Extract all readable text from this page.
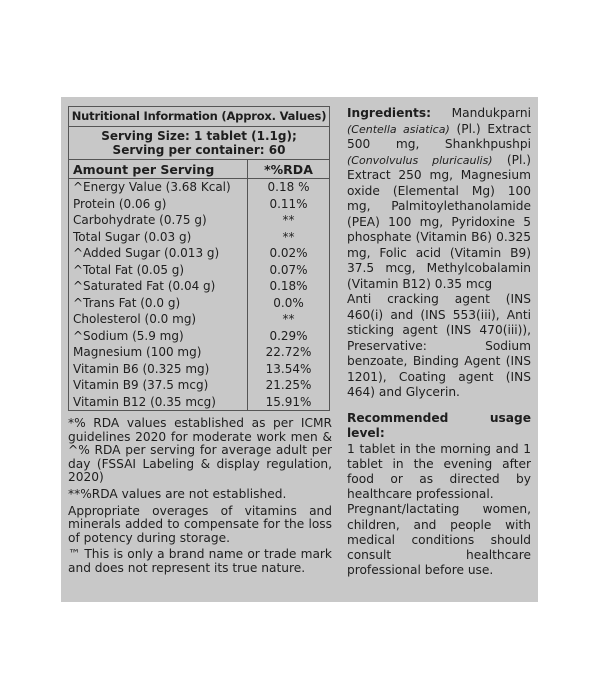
Nutritional Information (Approx. Values)	

Serving Size: 1 tablet (1.1g);
Serving per container: 60	

Amount per Serving	*%RDA
^Energy Value (3.68 Kcal)	0.18 %
Protein (0.06 g)	0.11%
Carbohydrate (0.75 g)	**
Total Sugar (0.03 g)	**
^Added Sugar (0.013 g)	0.02%
^Total Fat (0.05 g)	0.07%
^Saturated Fat (0.04 g)	0.18%
^Trans Fat (0.0 g)	0.0%
Cholesterol (0.0 mg)	**
^Sodium (5.9 mg)	0.29%
Magnesium (100 mg)	22.72%
Vitamin B6 (0.325 mg)	13.54%
Vitamin B9 (37.5 mcg)	21.25%
Vitamin B12 (0.35 mcg)	15.91%

*% RDA values established as per ICMR guidelines 2020 for moderate work men & ^% RDA per serving for average adult per day (FSSAI Labeling & display regulation, 2020)

**%RDA values are not established.

Appropriate overages of vitamins and minerals added to compensate for the loss of potency during storage.

™ This is only a brand name or trade mark and does not represent its true nature.

Ingredients: Mandukparni (Centella asiatica) (Pl.) Extract 500 mg, Shankhpushpi (Convolvulus pluricaulis) (Pl.) Extract 250 mg, Magnesium oxide (Elemental Mg) 100 mg, Palmitoylethanolamide (PEA) 100 mg, Pyridoxine 5 phosphate (Vitamin B6) 0.325 mg, Folic acid (Vitamin B9) 37.5 mcg, Methylcobalamin (Vitamin B12) 0.35 mcg

Anti cracking agent (INS 460(i) and (INS 553(iii), Anti sticking agent (INS 470(iii)), Preservative: Sodium benzoate, Binding Agent (INS 1201), Coating agent (INS 464) and Glycerin.

Recommended usage level:

1 tablet in the morning and 1 tablet in the evening after food or as directed by healthcare professional.

Pregnant/lactating women, children, and people with medical conditions should consult healthcare professional before use.
